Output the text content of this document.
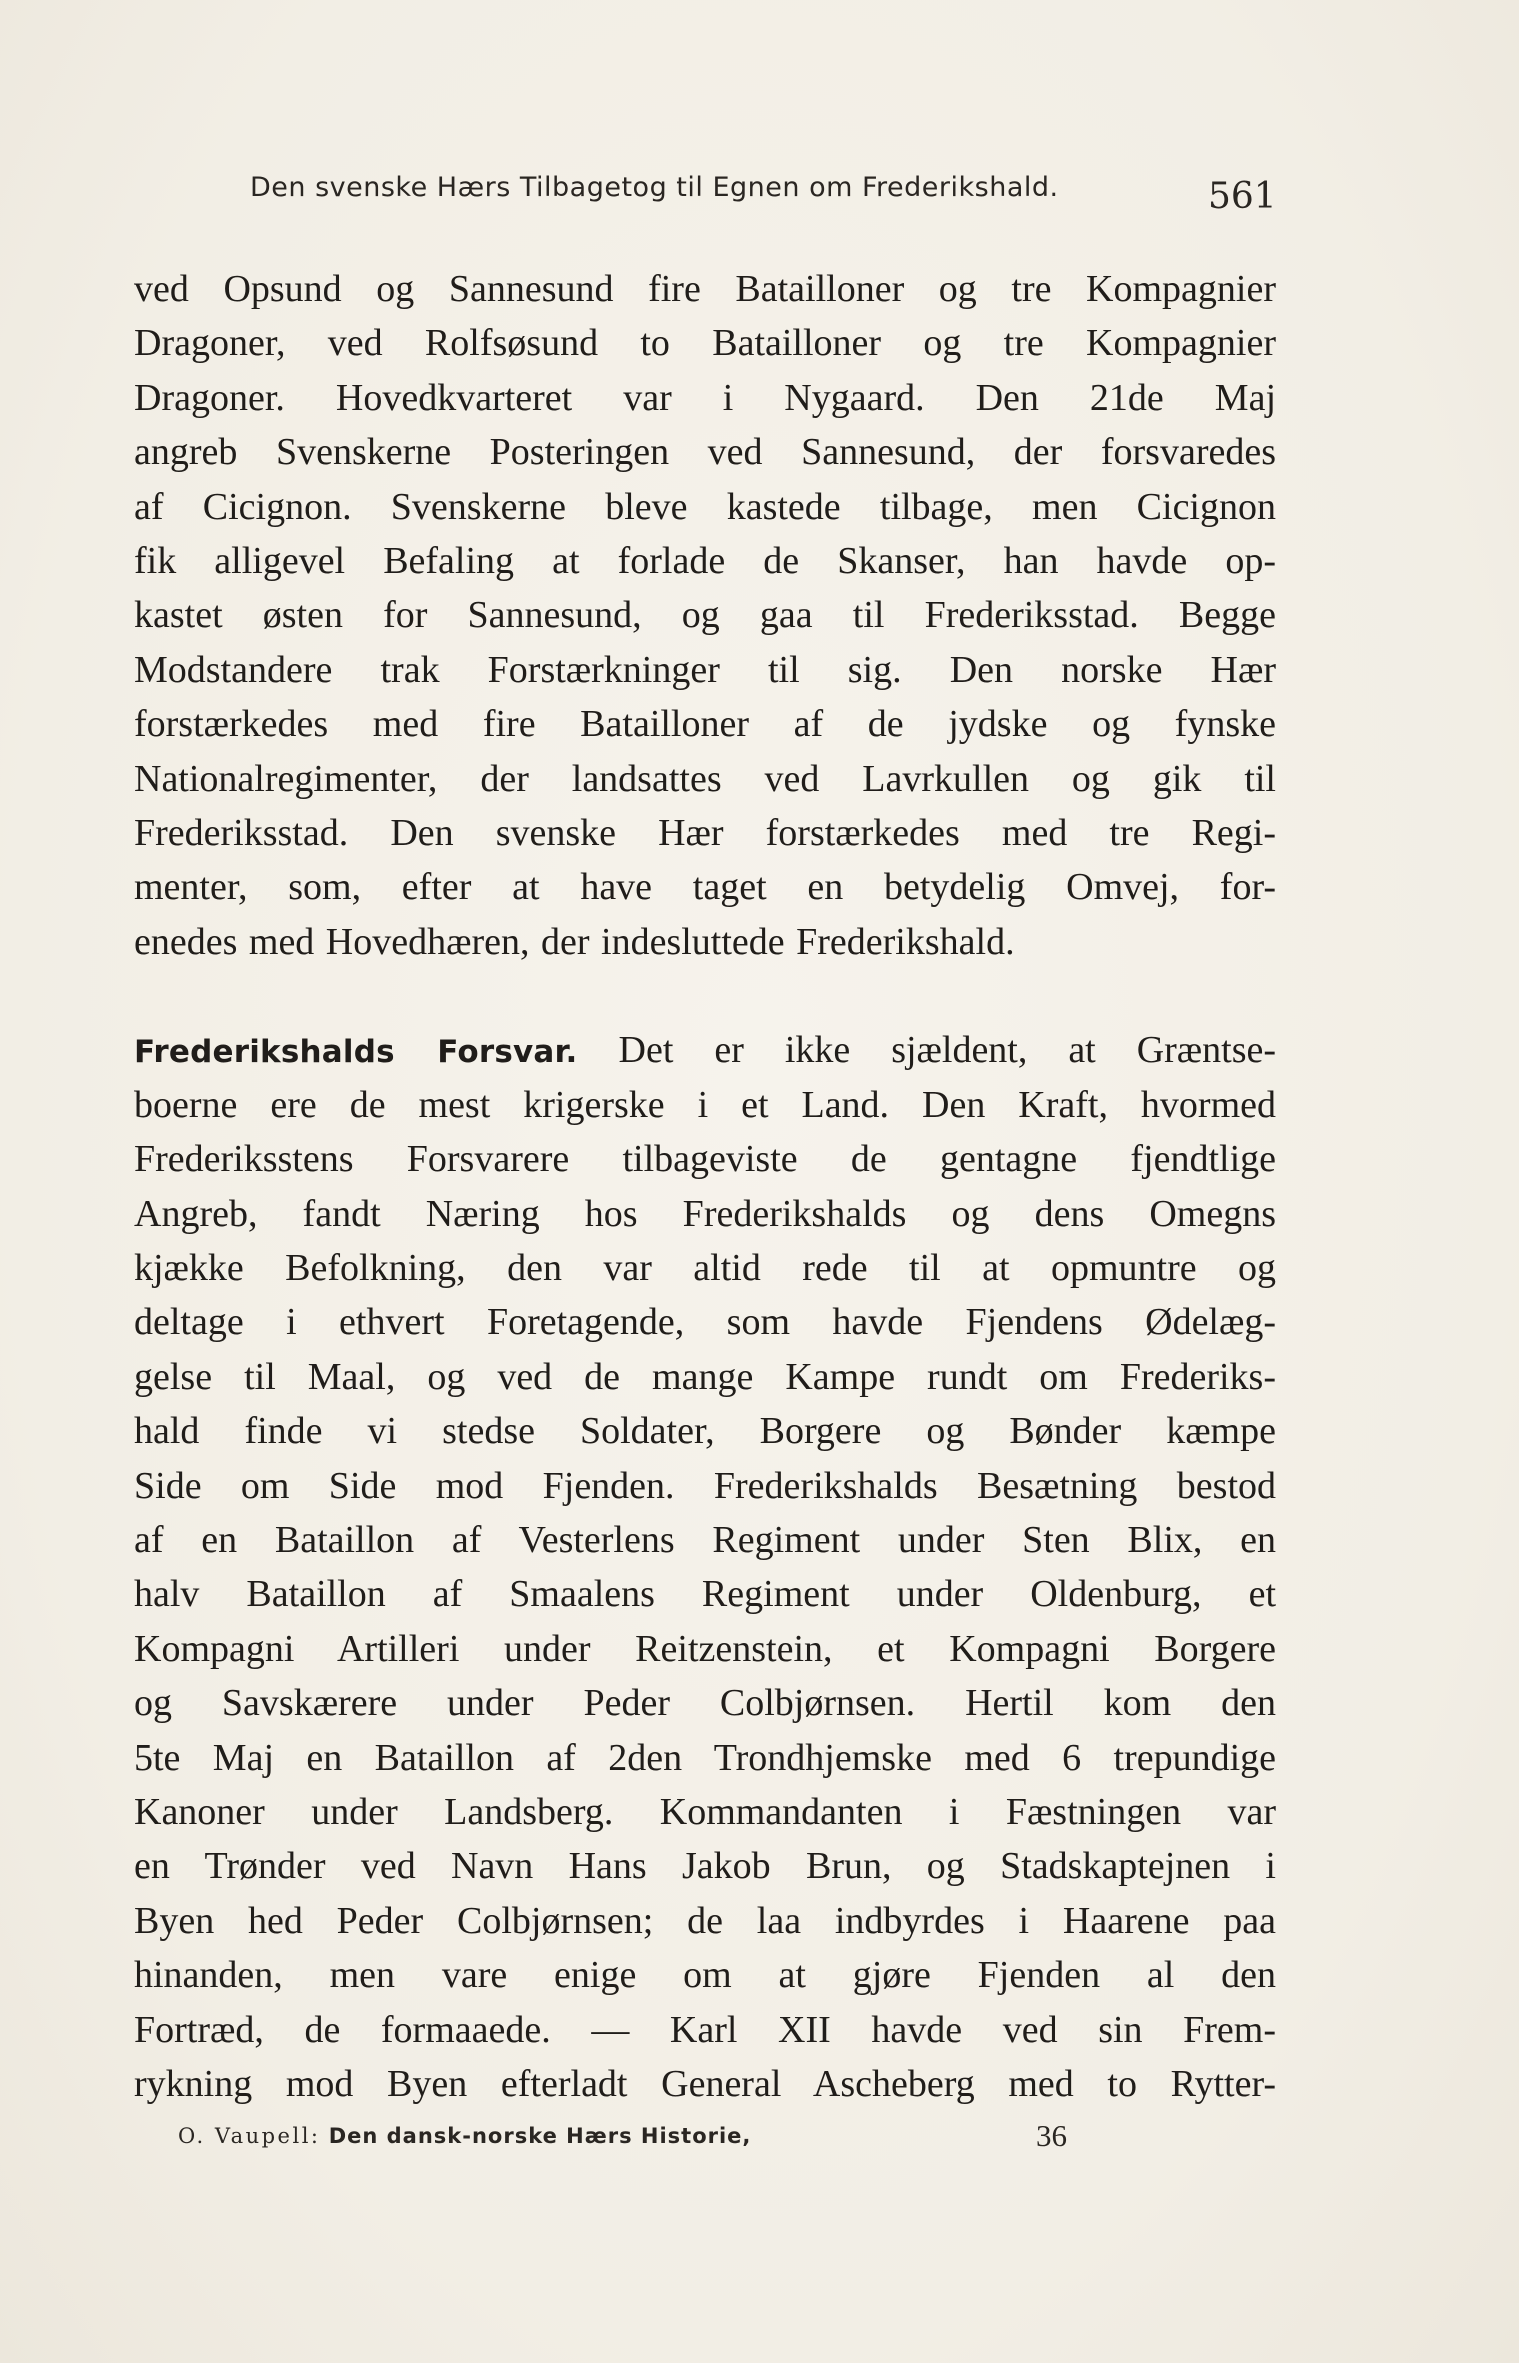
Den svenske Hærs Tilbagetog til Egnen om Frederikshald.	561
ved Opsund og Sannesund fire Bataillоner og tre Kompagnier
Dragoner, ved Rolfsøsund to Bataillоner og tre Kompagnier
Dragoner. Hovedkvarteret var i Nygaard. Den 21de Maj
angreb Svenskerne Posteringen ved Sannesund, der forsvaredes
af Cicignon. Svenskerne bleve kastede tilbage, men Cicignon
fik alligevel Befaling at forlade de Skanser, han havde op-
kastet østen for Sannesund, og gaa til Frederiksstad. Begge
Modstandere trak Forstærkninger til sig. Den norske Hær
forstærkedes med fire Bataillоner af de jydske og fynske
Nationalregimenter, der landsattes ved Lavrkullen og gik til
Frederiksstad. Den svenske Hær forstærkedes med tre Regi-
menter, som, efter at have taget en betydelig Omvej, for-
enedes med Hovedhæren, der indesluttede Frederikshald.
Frederikshalds Forsvar. Det er ikke sjældent, at Græntse-
boerne ere de mest krigerske i et Land. Den Kraft, hvormed
Frederiksstens Forsvarere tilbageviste de gentagne fjendtlige
Angreb, fandt Næring hos Frederikshalds og dens Omegns
kjække Befolkning, den var altid rede til at opmuntre og
deltage i ethvert Foretagende, som havde Fjendens Ødelæg-
gelse til Maal, og ved de mange Kampe rundt om Frederiks-
hald finde vi stedse Soldater, Borgere og Bønder kæmpe
Side om Side mod Fjenden. Frederikshalds Besætning bestod
af en Bataillon af Vesterlens Regiment under Sten Blix, en
halv Bataillon af Smaalens Regiment under Oldenburg, et
Kompagni Artilleri under Reitzenstein, et Kompagni Borgere
og Savskærere under Peder Colbjørnsen. Hertil kom den
5te Maj en Bataillon af 2den Trondhjemske med 6 trepundige
Kanoner under Landsberg. Kommandanten i Fæstningen var
en Trønder ved Navn Hans Jakob Brun, og Stadskaptejnen i
Byen hed Peder Colbjørnsen; de laa indbyrdes i Haarene paa
hinanden, men vare enige om at gjøre Fjenden al den
Fortræd, de formaaede. — Karl XII havde ved sin Frem-
rykning mod Byen efterladt General Ascheberg med to Rytter-
O. Vaupell: Den dansk-norske Hærs Historie,	36
